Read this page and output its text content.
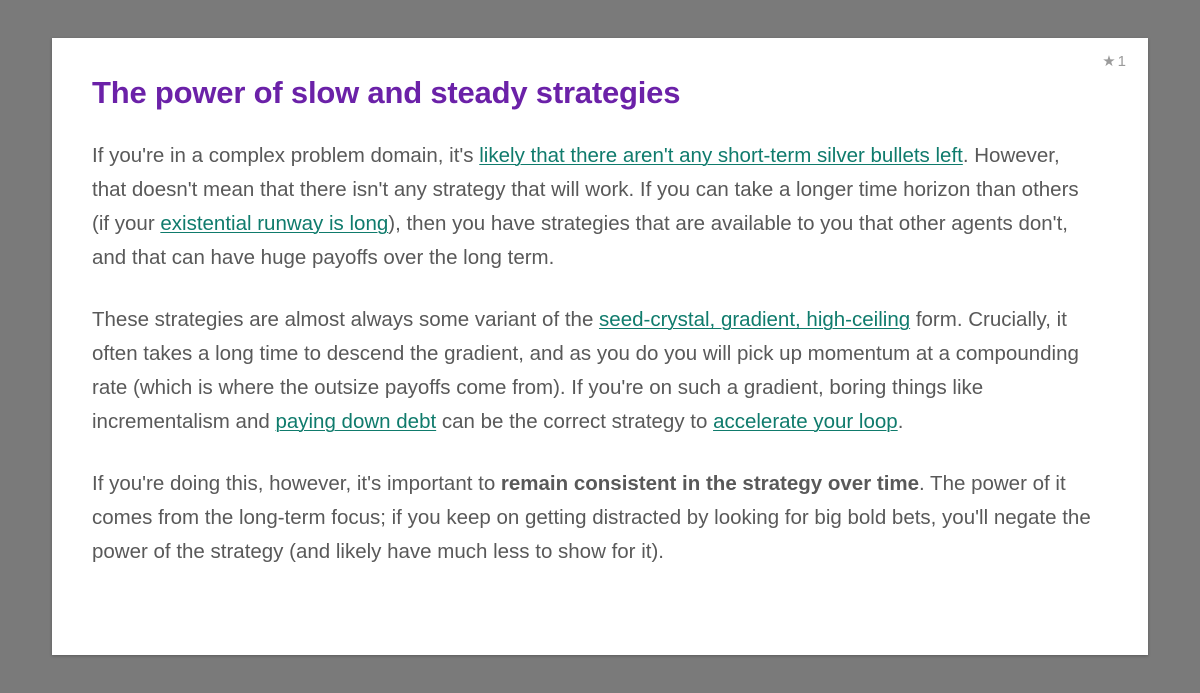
★ 1
The power of slow and steady strategies

If you're in a complex problem domain, it's likely that there aren't any short-term silver bullets left. However, that doesn't mean that there isn't any strategy that will work. If you can take a longer time horizon than others (if your existential runway is long), then you have strategies that are available to you that other agents don't, and that can have huge payoffs over the long term.

These strategies are almost always some variant of the seed-crystal, gradient, high-ceiling form. Crucially, it often takes a long time to descend the gradient, and as you do you will pick up momentum at a compounding rate (which is where the outsize payoffs come from). If you're on such a gradient, boring things like incrementalism and paying down debt can be the correct strategy to accelerate your loop.

If you're doing this, however, it's important to remain consistent in the strategy over time. The power of it comes from the long-term focus; if you keep on getting distracted by looking for big bold bets, you'll negate the power of the strategy (and likely have much less to show for it).
